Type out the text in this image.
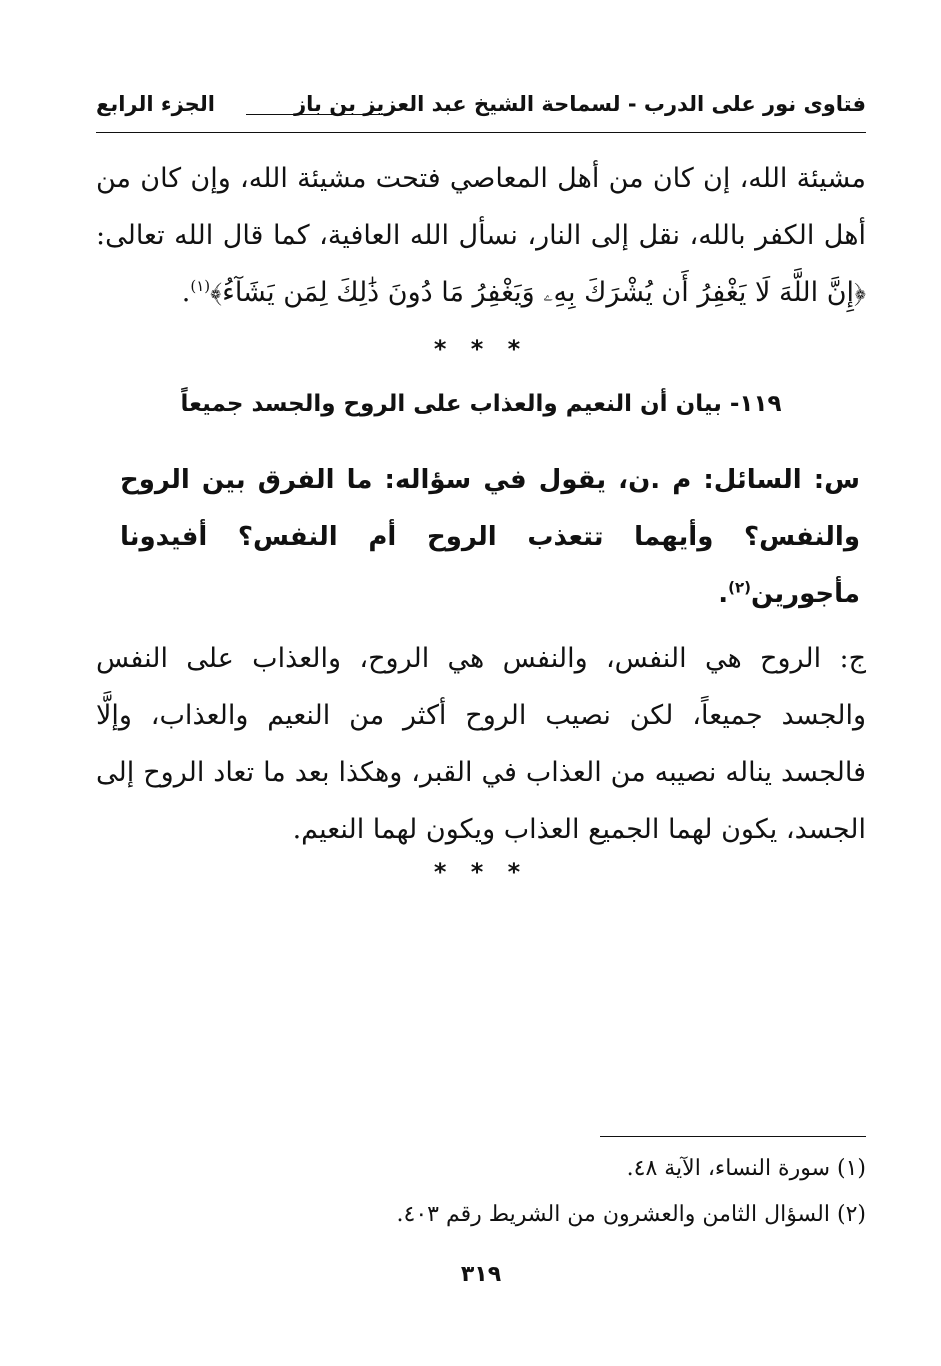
فتاوى نور على الدرب - لسماحة الشيخ عبد العزيز بن باز
الجزء الرابع

مشيئة الله، إن كان من أهل المعاصي فتحت مشيئة الله، وإن كان من أهل الكفر بالله، نقل إلى النار، نسأل الله العافية، كما قال الله تعالى: ﴿إِنَّ اللَّهَ لَا يَغْفِرُ أَن يُشْرَكَ بِهِۦ وَيَغْفِرُ مَا دُونَ ذَٰلِكَ لِمَن يَشَآءُ﴾$^{(١)}$.

* * *
١١٩- بيان أن النعيم والعذاب على الروح والجسد جميعاً

س: السائل: م .ن، يقول في سؤاله: ما الفرق بين الروح والنفس؟ وأيهما تتعذب الروح أم النفس؟ أفيدونا مأجورين$^{(٢)}$.

ج: الروح هي النفس، والنفس هي الروح، والعذاب على النفس والجسد جميعاً، لكن نصيب الروح أكثر من النعيم والعذاب، وإلَّا فالجسد يناله نصيبه من العذاب في القبر، وهكذا بعد ما تعاد الروح إلى الجسد، يكون لهما الجميع العذاب ويكون لهما النعيم.

* * *
(١) سورة النساء، الآية ٤٨.
(٢) السؤال الثامن والعشرون من الشريط رقم ٤٠٣.
٣١٩
